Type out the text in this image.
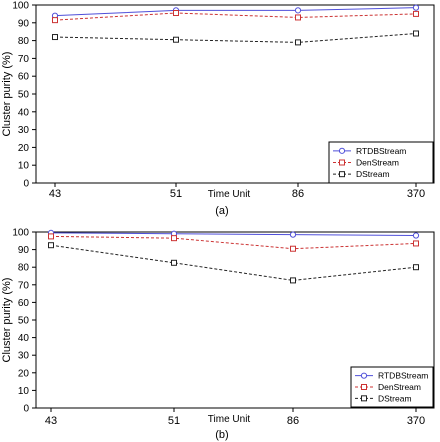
0
10
20
30
40
50
60
70
80
90
100
Cluster purity (%)
43	51	86	370
Time Unit
(a)
RTDBStream
DenStream
DStream
0
10
20
30
40
50
60
70
80
90
100
Cluster purity (%)
43	51	86	370
Time Unit
(b)
RTDBStream
DenStream
DStream
